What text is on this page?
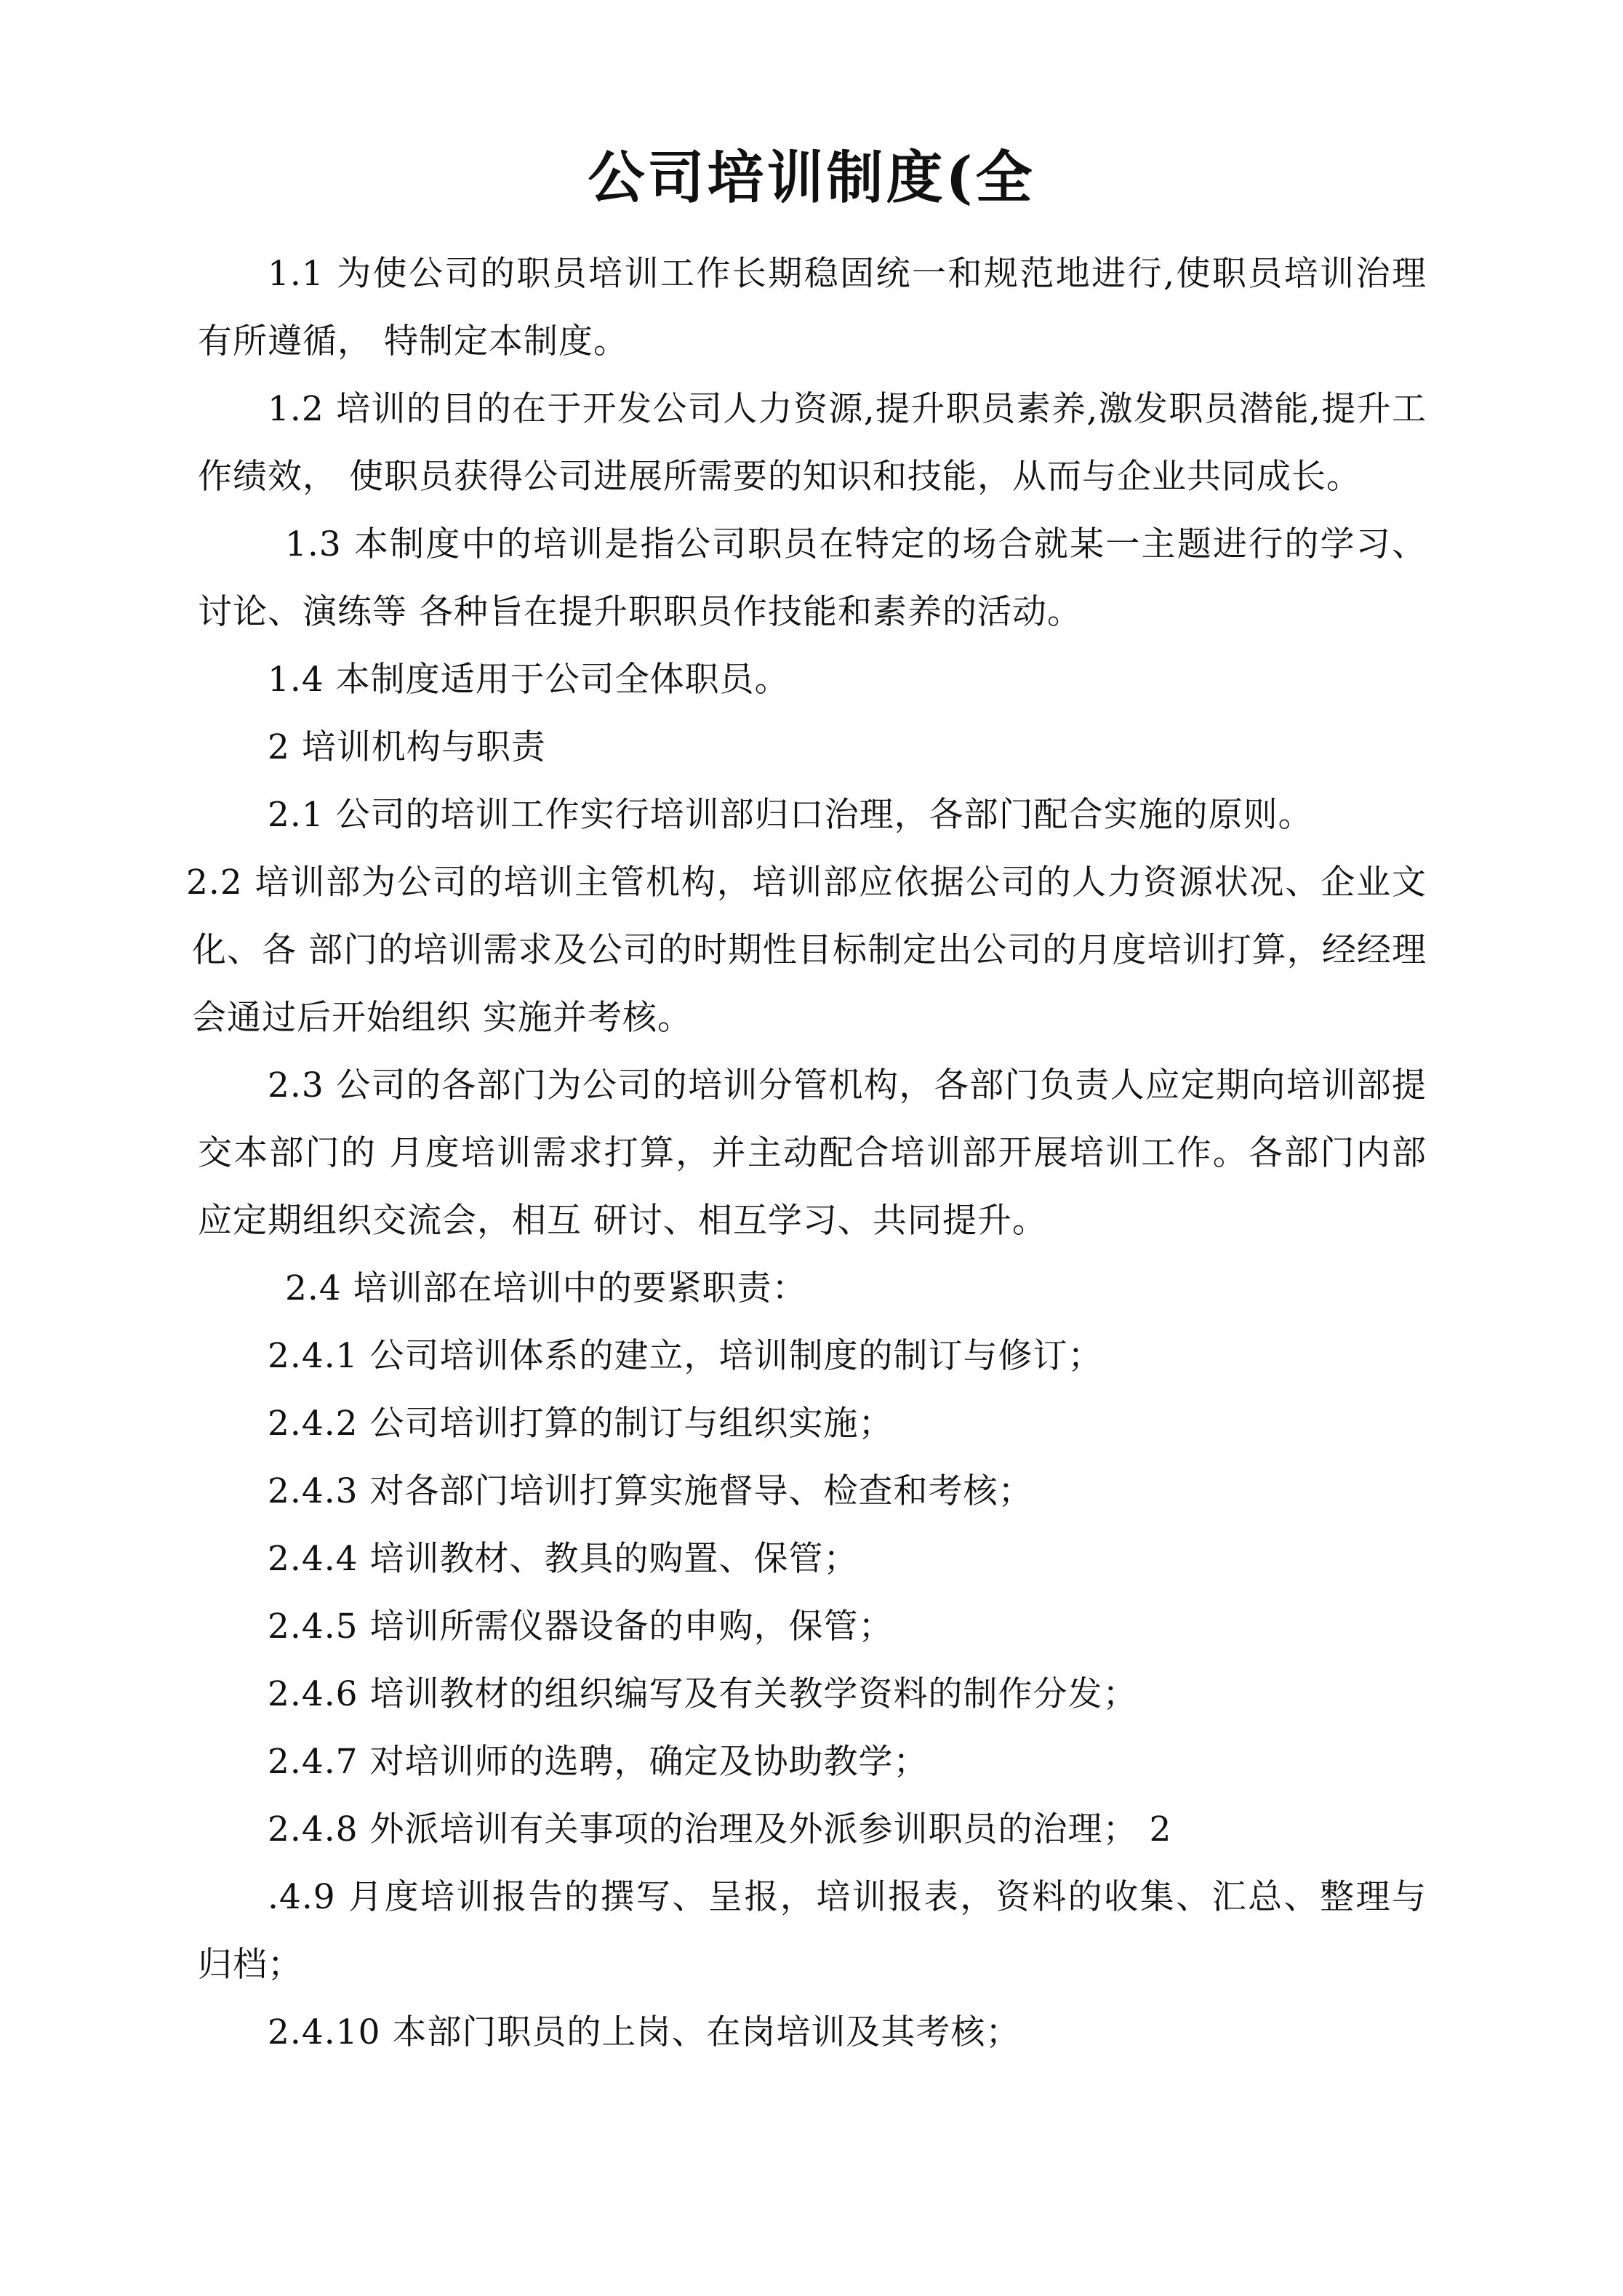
公司培训制度(全

1.1 为使公司的职员培训工作长期稳固统一和规范地进行,使职员培训治理有所遵循， 特制定本制度。

1.2 培训的目的在于开发公司人力资源,提升职员素养,激发职员潜能,提升工作绩效， 使职员获得公司进展所需要的知识和技能，从而与企业共同成长。

1.3 本制度中的培训是指公司职员在特定的场合就某一主题进行的学习、讨论、演练等 各种旨在提升职职员作技能和素养的活动。

1.4 本制度适用于公司全体职员。

2 培训机构与职责

2.1 公司的培训工作实行培训部归口治理，各部门配合实施的原则。

2.2 培训部为公司的培训主管机构，培训部应依据公司的人力资源状况、企业文化、各 部门的培训需求及公司的时期性目标制定出公司的月度培训打算，经经理会通过后开始组织 实施并考核。

2.3 公司的各部门为公司的培训分管机构，各部门负责人应定期向培训部提交本部门的 月度培训需求打算，并主动配合培训部开展培训工作。各部门内部应定期组织交流会，相互 研讨、相互学习、共同提升。

2.4 培训部在培训中的要紧职责：

2.4.1 公司培训体系的建立，培训制度的制订与修订；

2.4.2 公司培训打算的制订与组织实施；

2.4.3 对各部门培训打算实施督导、检查和考核；

2.4.4 培训教材、教具的购置、保管；

2.4.5 培训所需仪器设备的申购，保管；

2.4.6 培训教材的组织编写及有关教学资料的制作分发；

2.4.7 对培训师的选聘，确定及协助教学；

2.4.8 外派培训有关事项的治理及外派参训职员的治理； 2

.4.9 月度培训报告的撰写、呈报，培训报表，资料的收集、汇总、整理与归档；

2.4.10 本部门职员的上岗、在岗培训及其考核；
